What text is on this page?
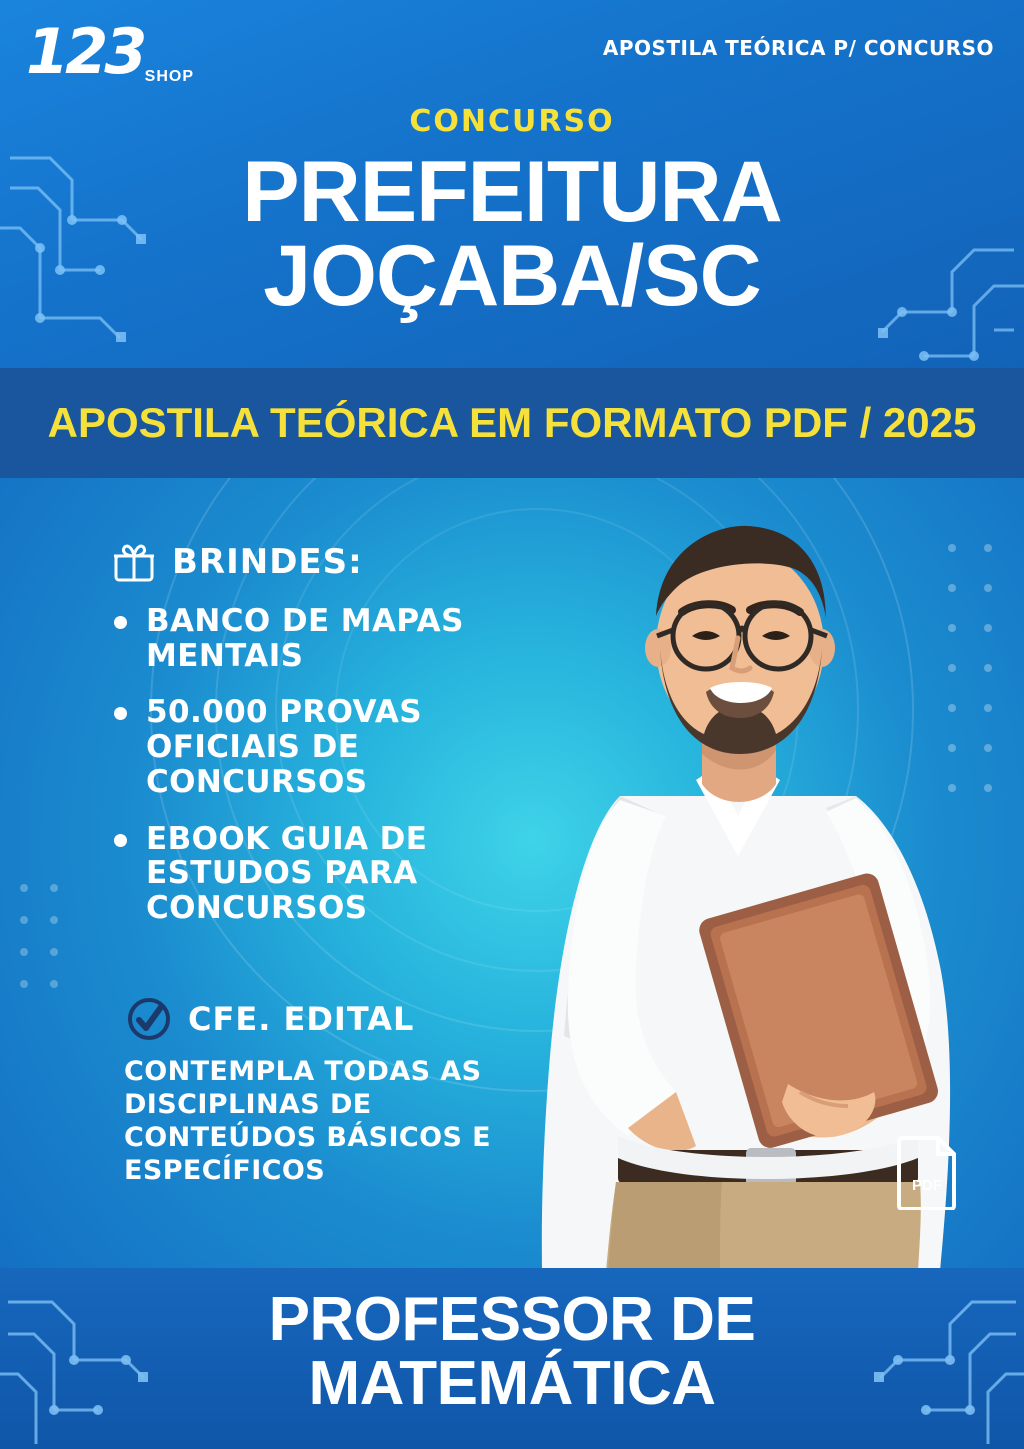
123 SHOP
APOSTILA TEÓRICA P/ CONCURSO
CONCURSO
PREFEITURA
JOÇABA/SC
APOSTILA TEÓRICA EM FORMATO PDF / 2025
BRINDES:
BANCO DE MAPAS MENTAIS
50.000 PROVAS OFICIAIS DE CONCURSOS
EBOOK GUIA DE ESTUDOS PARA CONCURSOS
CFE. EDITAL
CONTEMPLA TODAS AS DISCIPLINAS DE CONTEÚDOS BÁSICOS E ESPECÍFICOS	PDF
PROFESSOR DE
MATEMÁTICA
